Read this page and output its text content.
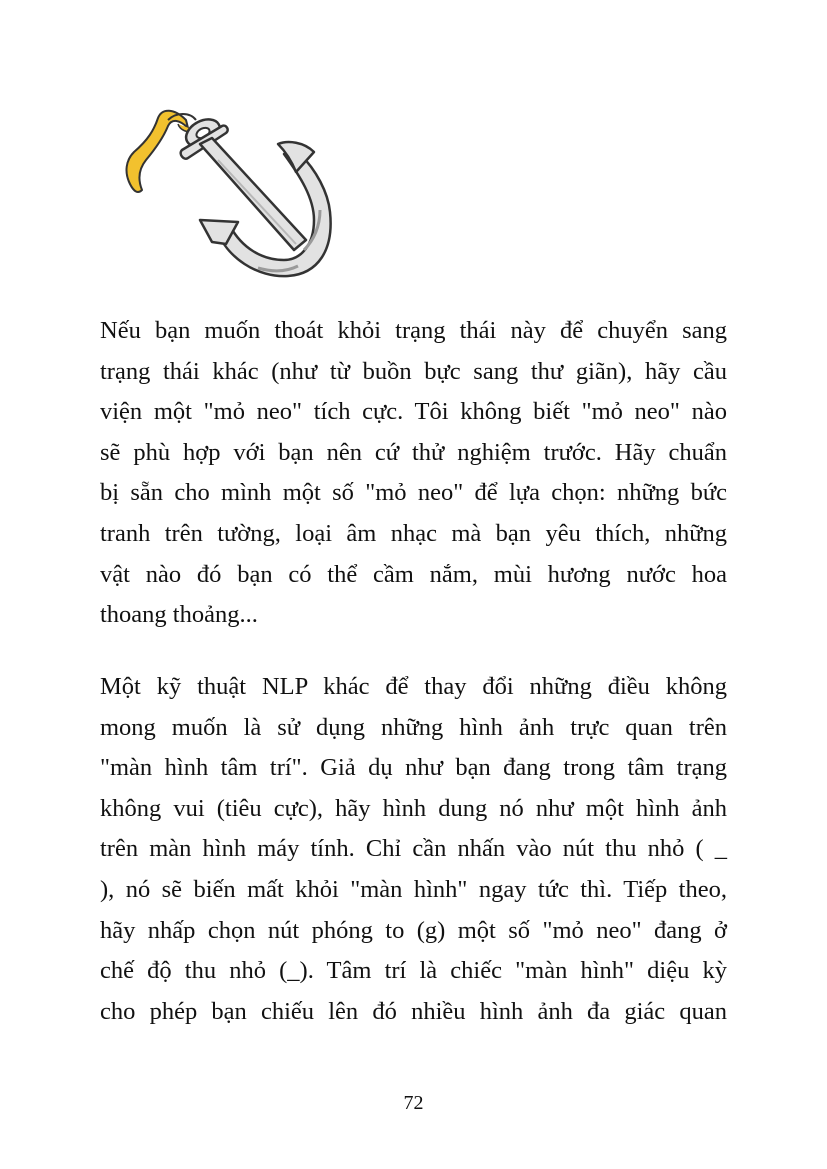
Nếu bạn muốn thoát khỏi trạng thái này để chuyển sang
trạng thái khác (như từ buồn bực sang thư giãn), hãy cầu
viện một "mỏ neo" tích cực. Tôi không biết "mỏ neo" nào
sẽ phù hợp với bạn nên cứ thử nghiệm trước. Hãy chuẩn
bị sẵn cho mình một số "mỏ neo" để lựa chọn: những bức
tranh trên tường, loại âm nhạc mà bạn yêu thích, những
vật nào đó bạn có thể cầm nắm, mùi hương nước hoa
thoang thoảng...
Một kỹ thuật NLP khác để thay đổi những điều không
mong muốn là sử dụng những hình ảnh trực quan trên
"màn hình tâm trí". Giả dụ như bạn đang trong tâm trạng
không vui (tiêu cực), hãy hình dung nó như một hình ảnh
trên màn hình máy tính. Chỉ cần nhấn vào nút thu nhỏ ( _
), nó sẽ biến mất khỏi "màn hình" ngay tức thì. Tiếp theo,
hãy nhấp chọn nút phóng to (g) một số "mỏ neo" đang ở
chế độ thu nhỏ (_). Tâm trí là chiếc "màn hình" diệu kỳ
cho phép bạn chiếu lên đó nhiều hình ảnh đa giác quan
72
